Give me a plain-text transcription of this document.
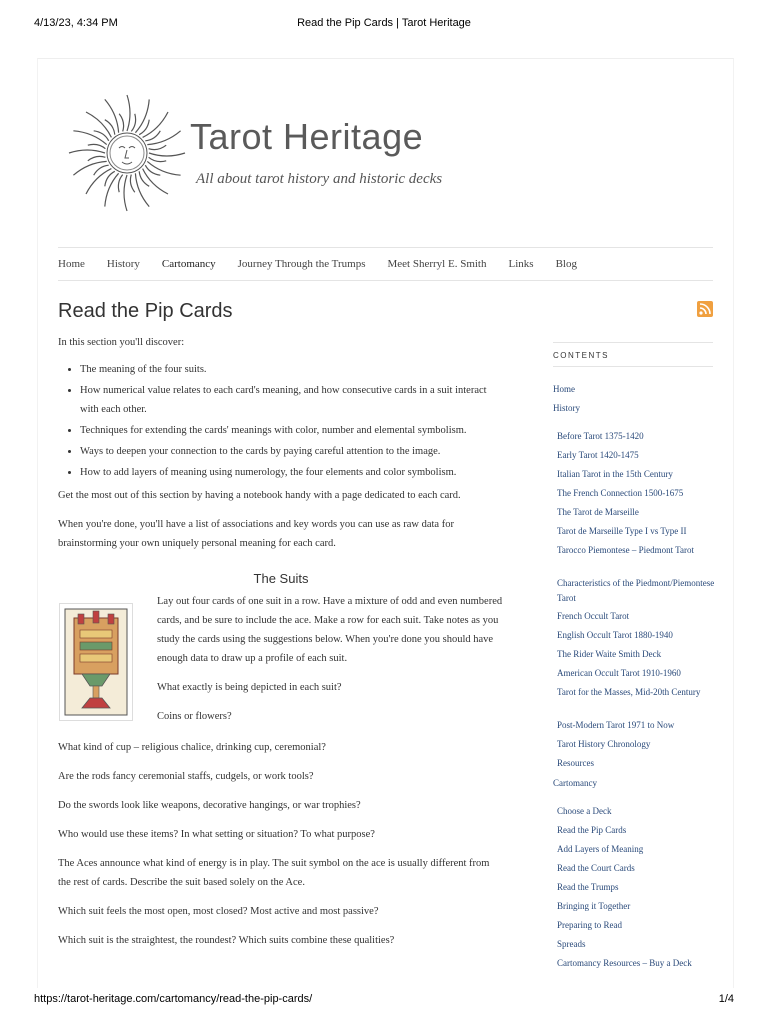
4/13/23, 4:34 PM	Read the Pip Cards | Tarot Heritage
Tarot Heritage
All about tarot history and historic decks
Home History Cartomancy Journey Through the Trumps Meet Sherryl E. Smith Links Blog
Read the Pip Cards

In this section you'll discover:

• The meaning of the four suits.
• How numerical value relates to each card's meaning, and how consecutive cards in a suit interact with each other.
• Techniques for extending the cards' meanings with color, number and elemental symbolism.
• Ways to deepen your connection to the cards by paying careful attention to the image.
• How to add layers of meaning using numerology, the four elements and color symbolism.

Get the most out of this section by having a notebook handy with a page dedicated to each card.

When you're done, you'll have a list of associations and key words you can use as raw data for brainstorming your own uniquely personal meaning for each card.

The Suits

Lay out four cards of one suit in a row. Have a mixture of odd and even numbered cards, and be sure to include the ace. Make a row for each suit. Take notes as you study the cards using the suggestions below. When you're done you should have enough data to draw up a profile of each suit.

What exactly is being depicted in each suit?

Coins or flowers?

What kind of cup – religious chalice, drinking cup, ceremonial?

Are the rods fancy ceremonial staffs, cudgels, or work tools?

Do the swords look like weapons, decorative hangings, or war trophies?

Who would use these items? In what setting or situation? To what purpose?

The Aces announce what kind of energy is in play. The suit symbol on the ace is usually different from the rest of cards. Describe the suit based solely on the Ace.

Which suit feels the most open, most closed? Most active and most passive?

Which suit is the straightest, the roundest? Which suits combine these qualities?

CONTENTS
Home
History
Before Tarot 1375-1420
Early Tarot 1420-1475
Italian Tarot in the 15th Century
The French Connection 1500-1675
The Tarot de Marseille
Tarot de Marseille Type I vs Type II
Tarocco Piemontese – Piedmont Tarot
Characteristics of the Piedmont/Piemontese Tarot
French Occult Tarot
English Occult Tarot 1880-1940
The Rider Waite Smith Deck
American Occult Tarot 1910-1960
Tarot for the Masses, Mid-20th Century
Post-Modern Tarot 1971 to Now
Tarot History Chronology
Resources
Cartomancy
Choose a Deck
Read the Pip Cards
Add Layers of Meaning
Read the Court Cards
Read the Trumps
Bringing it Together
Preparing to Read
Spreads
Cartomancy Resources – Buy a Deck
https://tarot-heritage.com/cartomancy/read-the-pip-cards/	1/4
